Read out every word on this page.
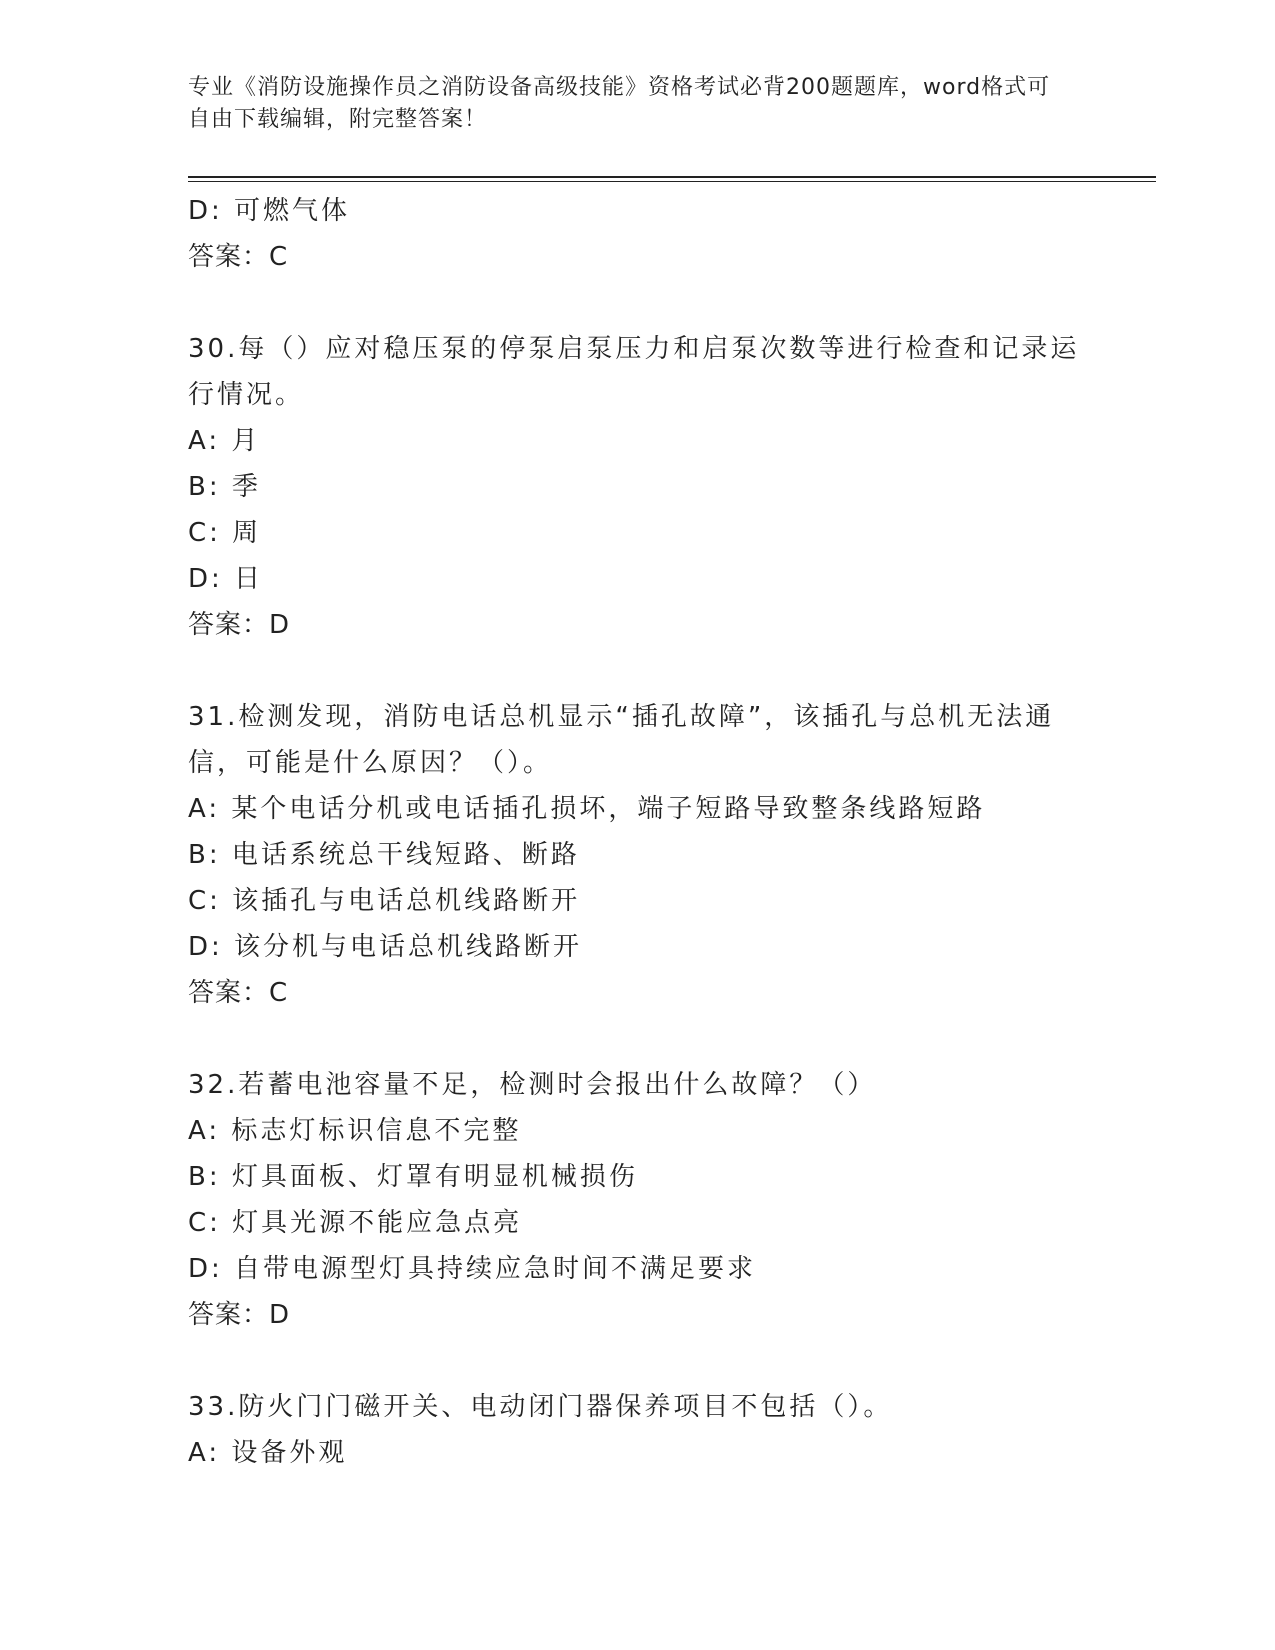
专业《消防设施操作员之消防设备高级技能》资格考试必背200题题库，word格式可自由下载编辑，附完整答案！
D: 可燃气体
答案：C
30.每（）应对稳压泵的停泵启泵压力和启泵次数等进行检查和记录运行情况。
A: 月
B: 季
C: 周
D: 日
答案：D
31.检测发现，消防电话总机显示“插孔故障”，该插孔与总机无法通信，可能是什么原因？（）。
A: 某个电话分机或电话插孔损坏，端子短路导致整条线路短路
B: 电话系统总干线短路、断路
C: 该插孔与电话总机线路断开
D: 该分机与电话总机线路断开
答案：C
32.若蓄电池容量不足，检测时会报出什么故障？（）
A: 标志灯标识信息不完整
B: 灯具面板、灯罩有明显机械损伤
C: 灯具光源不能应急点亮
D: 自带电源型灯具持续应急时间不满足要求
答案：D
33.防火门门磁开关、电动闭门器保养项目不包括（）。
A: 设备外观
